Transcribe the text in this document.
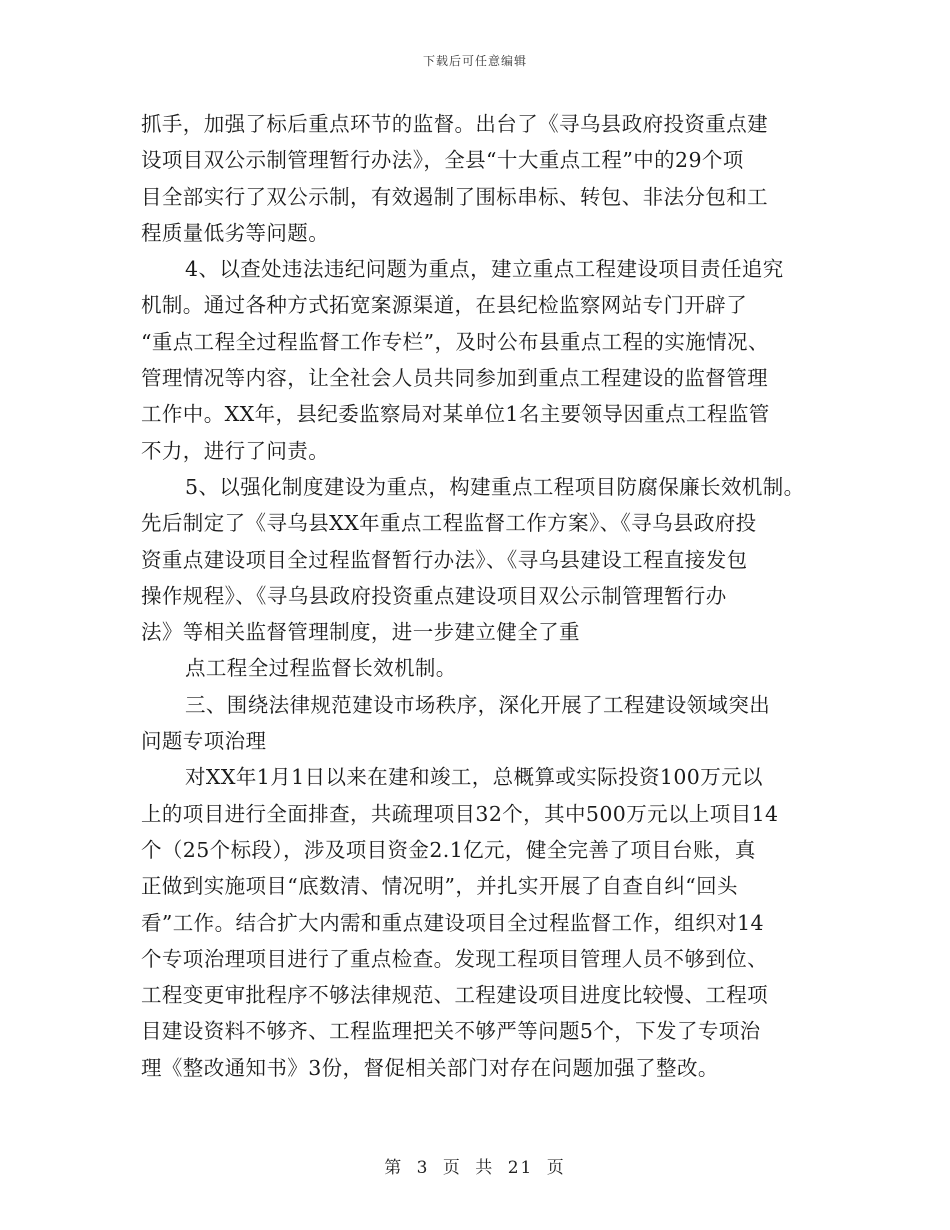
下载后可任意编辑
抓手，加强了标后重点环节的监督。出台了《寻乌县政府投资重点建
设项目双公示制管理暂行办法》，全县“十大重点工程”中的29个项
目全部实行了双公示制，有效遏制了围标串标、转包、非法分包和工
程质量低劣等问题。
4、以查处违法违纪问题为重点，建立重点工程建设项目责任追究
机制。通过各种方式拓宽案源渠道，在县纪检监察网站专门开辟了
“重点工程全过程监督工作专栏”，及时公布县重点工程的实施情况、
管理情况等内容，让全社会人员共同参加到重点工程建设的监督管理
工作中。XX年，县纪委监察局对某单位1名主要领导因重点工程监管
不力，进行了问责。
5、以强化制度建设为重点，构建重点工程项目防腐保廉长效机制。
先后制定了《寻乌县XX年重点工程监督工作方案》、《寻乌县政府投
资重点建设项目全过程监督暂行办法》、《寻乌县建设工程直接发包
操作规程》、《寻乌县政府投资重点建设项目双公示制管理暂行办
法》等相关监督管理制度，进一步建立健全了重
点工程全过程监督长效机制。
三、围绕法律规范建设市场秩序，深化开展了工程建设领域突出
问题专项治理
对XX年1月1日以来在建和竣工，总概算或实际投资100万元以
上的项目进行全面排查，共疏理项目32个，其中500万元以上项目14
个（25个标段），涉及项目资金2.1亿元，健全完善了项目台账，真
正做到实施项目“底数清、情况明”，并扎实开展了自查自纠“回头
看”工作。结合扩大内需和重点建设项目全过程监督工作，组织对14
个专项治理项目进行了重点检查。发现工程项目管理人员不够到位、
工程变更审批程序不够法律规范、工程建设项目进度比较慢、工程项
目建设资料不够齐、工程监理把关不够严等问题5个，下发了专项治
理《整改通知书》3份，督促相关部门对存在问题加强了整改。
第 3 页 共 21 页
